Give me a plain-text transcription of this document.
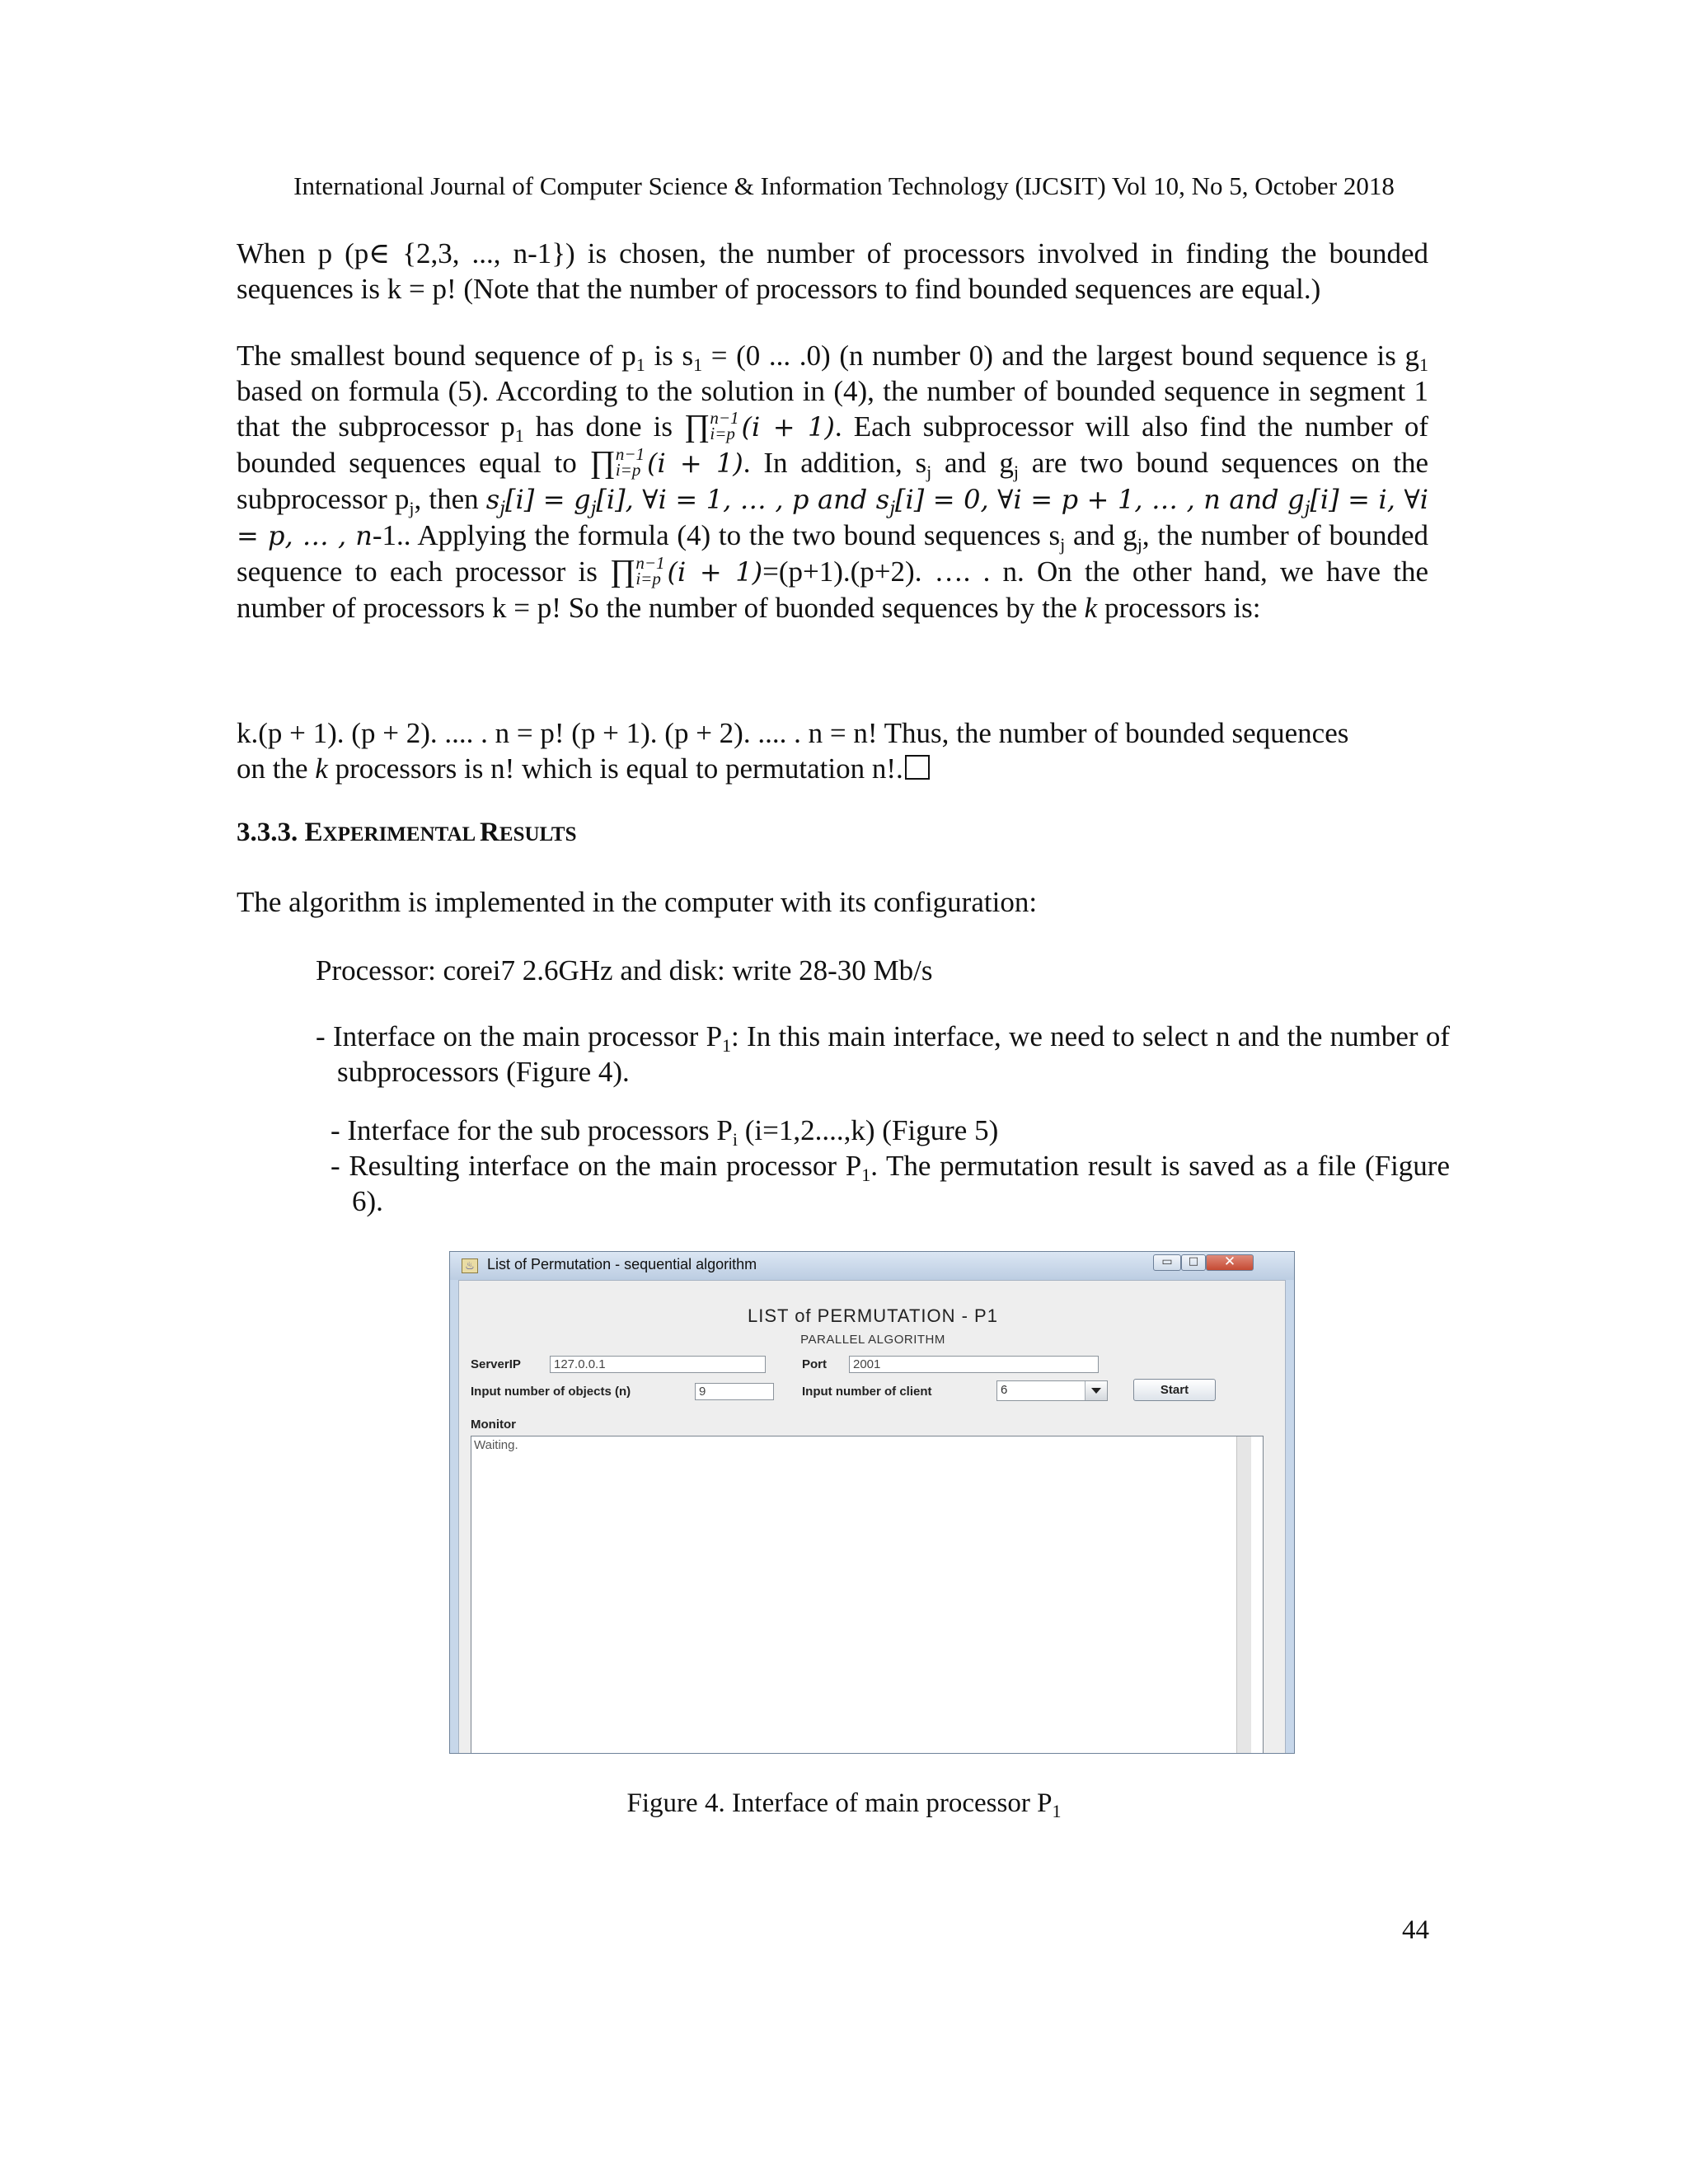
International Journal of Computer Science & Information Technology (IJCSIT) Vol 10, No 5, October 2018

When p (p∈ {2,3, ..., n-1}) is chosen, the number of processors involved in finding the bounded sequences is k = p! (Note that the number of processors to find bounded sequences are equal.)

The smallest bound sequence of $p_1$ is $s_1 = (0$ ... .0) (n number 0) and the largest bound sequence is $g_1$ based on formula (5). According to the solution in (4), the number of bounded sequence in segment 1 that the subprocessor $p_1$ has done is ∏ n−1
i=p (i + 1). Each subprocessor will also find the number of bounded sequences equal to ∏ n−1
i=p (i + 1). In addition, $s_j$ and $g_j$ are two bound sequences on the subprocessor $p_j$, then $s_j[i] = g_j[i]$, ∀i = 1, … , p and $s_j[i] = 0$, ∀i = p + 1, … , n and $g_j[i] = i$, ∀i = p, … , n-1.. Applying the formula (4) to the two bound sequences $s_j$ and $g_j$, the number of bounded sequence to each processor is ∏ n−1
i=p (i + 1)=(p+1).(p+2). …. . n. On the other hand, we have the number of processors k = p! So the number of buonded sequences by the k processors is:

k.(p + 1). (p + 2). .... . n = p! (p + 1). (p + 2). .... . n = n! Thus, the number of bounded sequences
on the k processors is n! which is equal to permutation n!.
3.3.3. EXPERIMENTAL RESULTS
The algorithm is implemented in the computer with its configuration:
Processor: corei7 2.6GHz and disk: write 28-30 Mb/s
- Interface on the main processor $P_1$: In this main interface, we need to select n and the number of subprocessors (Figure 4).
- Interface for the sub processors $P_i$ (i=1,2....,k) (Figure 5)
- Resulting interface on the main processor $P_1$. The permutation result is saved as a file (Figure 6).
♨ List of Permutation - sequential algorithm	▭	□	✕
LIST of PERMUTATION - P1
PARALLEL ALGORITHM
ServerIP	127.0.0.1	Port	2001
Input number of objects (n)	9	Input number of client	6	Start
Monitor
Waiting.
Figure 4. Interface of main processor $P_1$
44
